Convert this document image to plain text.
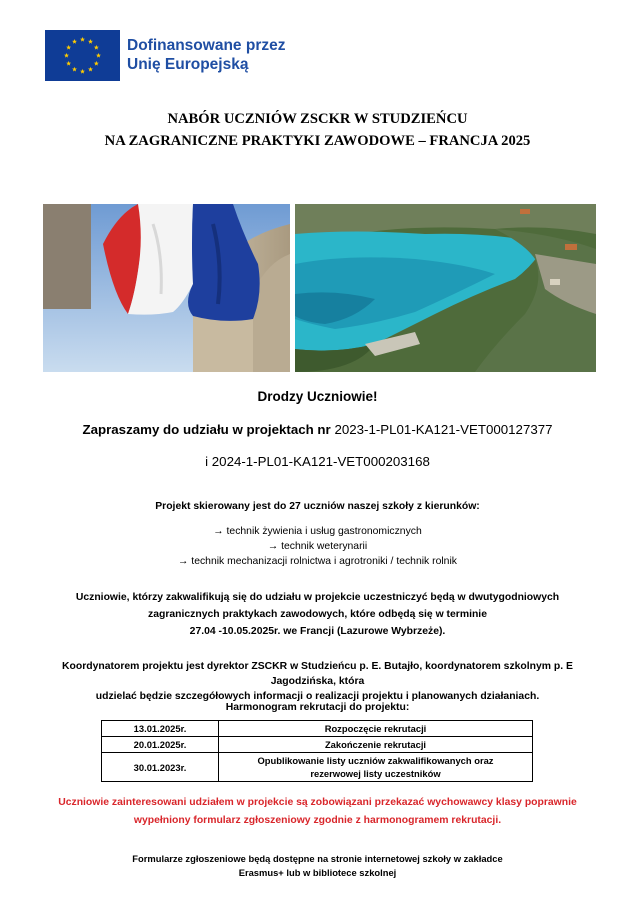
Dofinansowane przez
Unię Europejską
NABÓR UCZNIÓW ZSCKR W STUDZIEŃCU
NA ZAGRANICZNE PRAKTYKI ZAWODOWE – FRANCJA 2025
Drodzy Uczniowie!
Zapraszamy do udziału w projektach nr 2023-1-PL01-KA121-VET000127377
i 2024-1-PL01-KA121-VET000203168
Projekt skierowany jest do 27 uczniów naszej szkoły z kierunków:
→ technik żywienia i usług gastronomicznych
→ technik weterynarii
→ technik mechanizacji rolnictwa i agrotroniki / technik rolnik
Uczniowie, którzy zakwalifikują się do udziału w projekcie uczestniczyć będą w dwutygodniowych
zagranicznych praktykach zawodowych, które odbędą się w terminie
27.04 -10.05.2025r. we Francji (Lazurowe Wybrzeże).
Koordynatorem projektu jest dyrektor ZSCKR w Studzieńcu p. E. Butajło, koordynatorem szkolnym p. E Jagodzińska, która
udzielać będzie szczegółowych informacji o realizacji projektu i planowanych działaniach.
Harmonogram rekrutacji do projektu:
13.01.2025r.	Rozpoczęcie rekrutacji
20.01.2025r.	Zakończenie rekrutacji
30.01.2023r.	Opublikowanie listy uczniów zakwalifikowanych oraz
rezerwowej listy uczestników
Uczniowie zainteresowani udziałem w projekcie są zobowiązani przekazać wychowawcy klasy poprawnie
wypełniony formularz zgłoszeniowy zgodnie z harmonogramem rekrutacji.
Formularze zgłoszeniowe będą dostępne na stronie internetowej szkoły w zakładce
Erasmus+ lub w bibliotece szkolnej
